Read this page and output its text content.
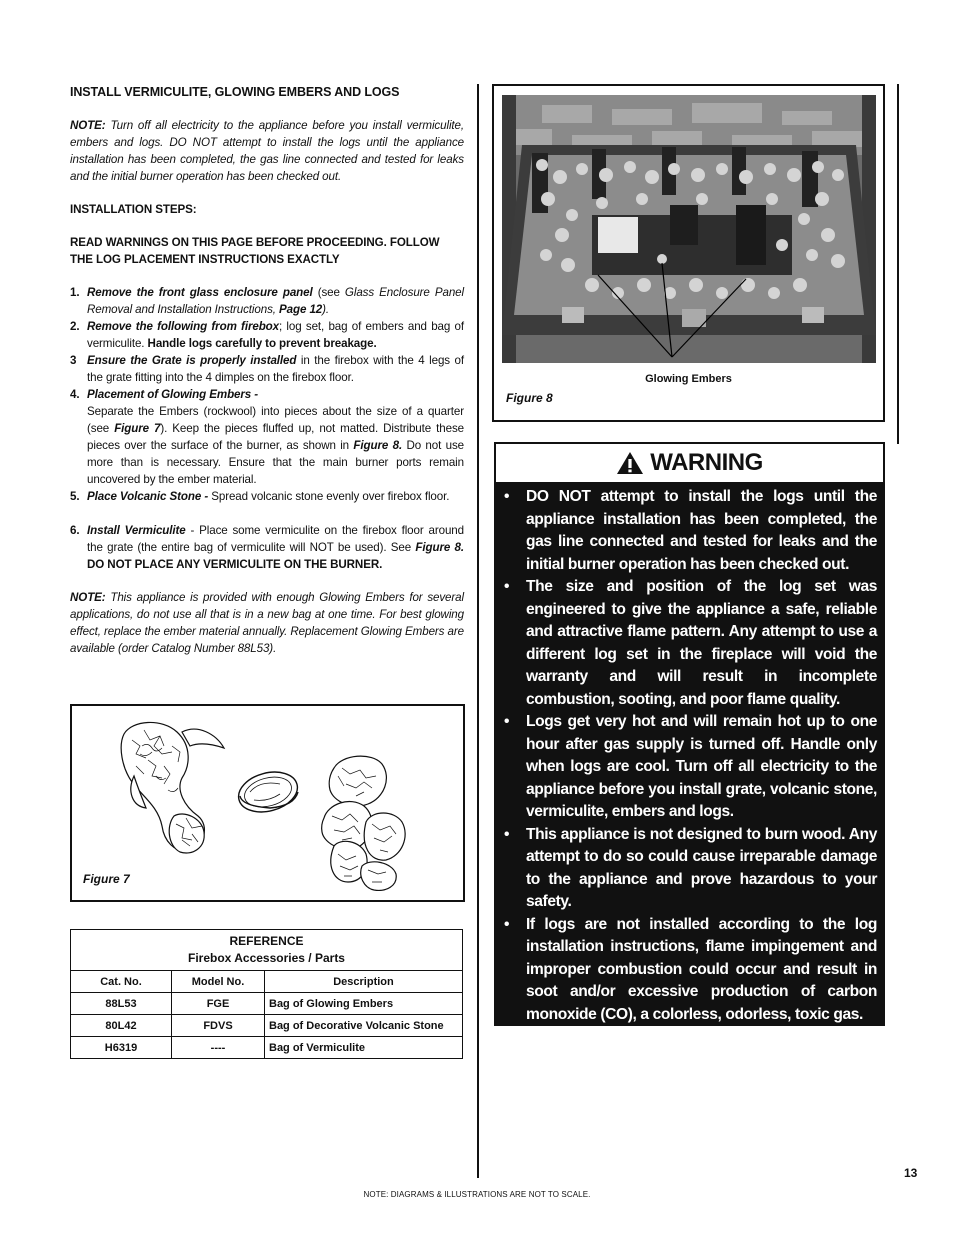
INSTALL VERMICULITE, GLOWING EMBERS AND LOGS

NOTE: Turn off all electricity to the appliance before you install vermiculite, embers and logs. DO NOT attempt to install the logs until the appliance installation has been completed, the gas line connected and tested for leaks and the initial burner operation has been checked out.

INSTALLATION STEPS:

READ WARNINGS ON THIS PAGE BEFORE PROCEEDING. FOLLOW THE LOG PLACEMENT INSTRUCTIONS EXACTLY

1. Remove the front glass enclosure panel (see Glass Enclosure Panel Removal and Installation Instructions, Page 12).
2. Remove the following from firebox; log set, bag of embers and bag of vermiculite. Handle logs carefully to prevent breakage.
3 Ensure the Grate is properly installed in the firebox with the 4 legs of the grate fitting into the 4 dimples on the firebox floor.
4. Placement of Glowing Embers -
Separate the Embers (rockwool) into pieces about the size of a quarter (see Figure 7). Keep the pieces fluffed up, not matted. Distribute these pieces over the surface of the burner, as shown in Figure 8. Do not use more than is necessary. Ensure that the main burner ports remain uncovered by the ember material.
5. Place Volcanic Stone - Spread volcanic stone evenly over firebox floor.
6. Install Vermiculite - Place some vermiculite on the firebox floor around the grate (the entire bag of vermiculite will NOT be used). See Figure 8. DO NOT PLACE ANY VERMICULITE ON THE BURNER.

NOTE: This appliance is provided with enough Glowing Embers for several applications, do not use all that is in a new bag at one time. For best glowing effect, replace the ember material annually. Replacement Glowing Embers are available (order Catalog Number 88L53).

Figure 7
REFERENCE
Firebox Accessories / Parts		

Cat. No.	Model No.	Description
88L53	FGE	Bag of Glowing Embers
80L42	FDVS	Bag of Decorative Volcanic Stone
H6319	----	Bag of Vermiculite
Glowing Embers
Figure 8
WARNING
• DO NOT attempt to install the logs until the appliance installation has been completed, the gas line connected and tested for leaks and the initial burner operation has been checked out.
• The size and position of the log set was engineered to give the appliance a safe, reliable and attractive flame pattern. Any attempt to use a different log set in the fireplace will void the warranty and will result in incomplete combustion, sooting, and poor flame quality.
• Logs get very hot and will remain hot up to one hour after gas supply is turned off. Handle only when logs are cool. Turn off all electricity to the appliance before you install grate, volcanic stone, vermiculite, embers and logs.
• This appliance is not designed to burn wood. Any attempt to do so could cause irreparable damage to the appliance and prove hazardous to your safety.
• If logs are not installed according to the log installation instructions, flame impingement and improper combustion could occur and result in soot and/or excessive production of carbon monoxide (CO), a colorless, odorless, toxic gas.
13
NOTE: DIAGRAMS & ILLUSTRATIONS ARE NOT TO SCALE.
